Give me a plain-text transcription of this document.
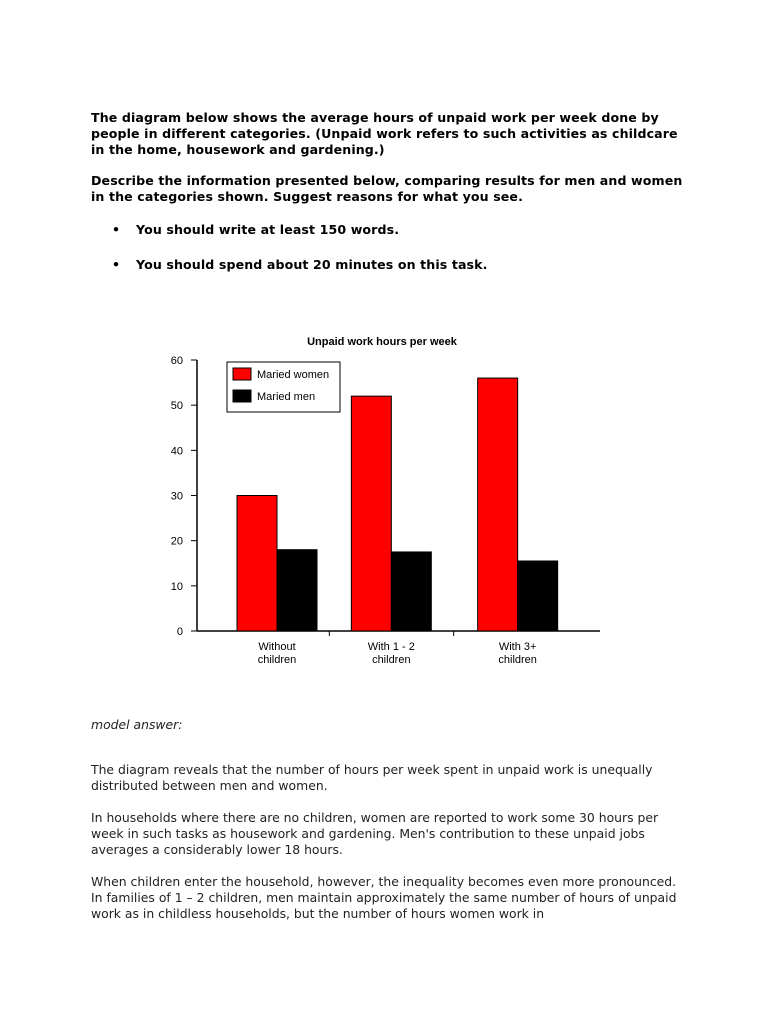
The diagram below shows the average hours of unpaid work per week done by people in different categories. (Unpaid work refers to such activities as childcare in the home, housework and gardening.)

Describe the information presented below, comparing results for men and women in the categories shown. Suggest reasons for what you see.

• You should write at least 150 words.
• You should spend about 20 minutes on this task.
Unpaid work hours per week
0
10
20
30
40
50
60
Without
children
With 1 - 2
children
With 3+
children
Maried women
Maried men
model answer:

The diagram reveals that the number of hours per week spent in unpaid work is unequally distributed between men and women.

In households where there are no children, women are reported to work some 30 hours per week in such tasks as housework and gardening. Men's contribution to these unpaid jobs averages a considerably lower 18 hours.

When children enter the household, however, the inequality becomes even more pronounced. In families of 1 – 2 children, men maintain approximately the same number of hours of unpaid work as in childless households, but the number of hours women work in
